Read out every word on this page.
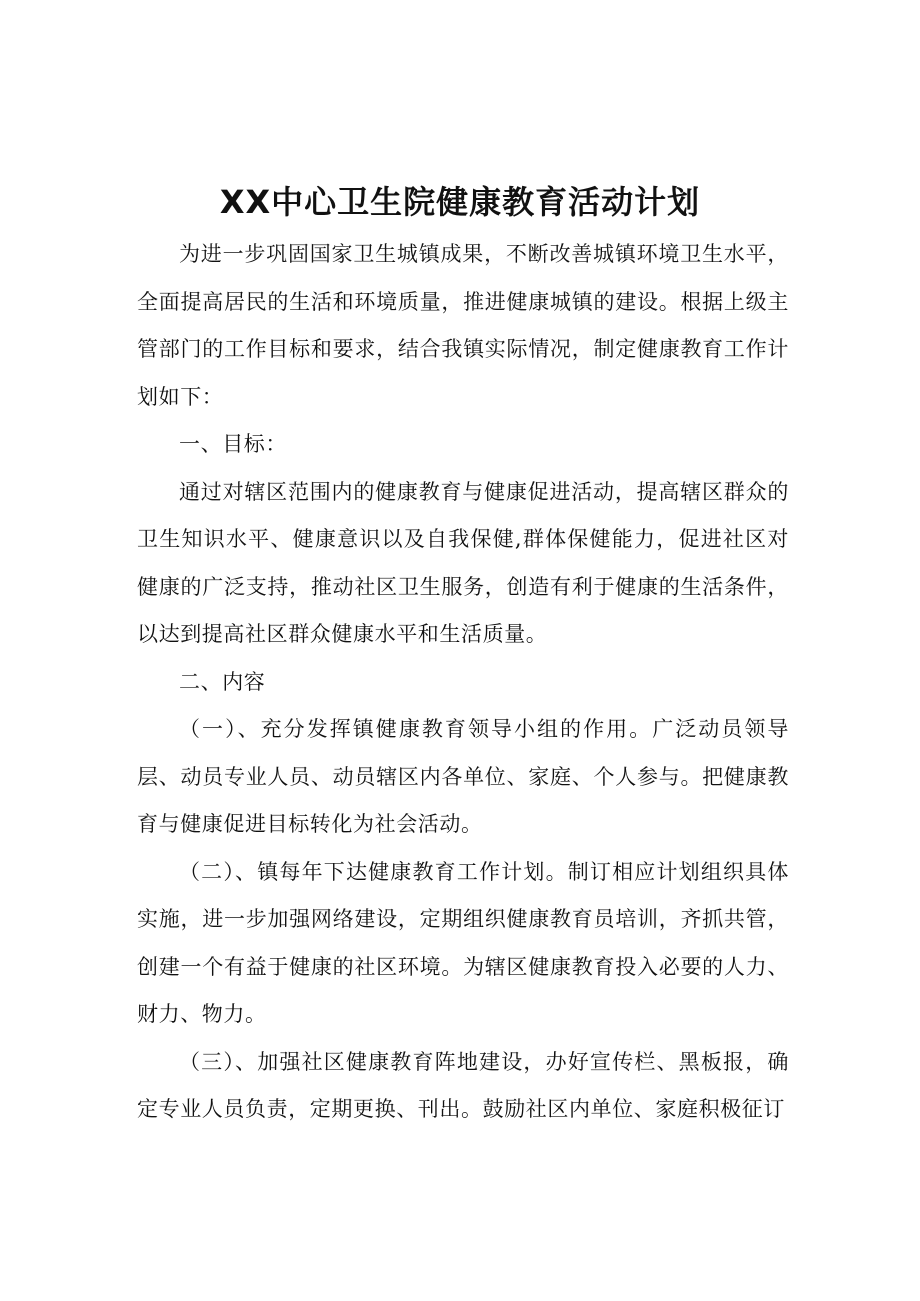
XX中心卫生院健康教育活动计划

为进一步巩固国家卫生城镇成果，不断改善城镇环境卫生水平，全面提高居民的生活和环境质量，推进健康城镇的建设。根据上级主管部门的工作目标和要求，结合我镇实际情况，制定健康教育工作计划如下：

一、目标：

通过对辖区范围内的健康教育与健康促进活动，提高辖区群众的卫生知识水平、健康意识以及自我保健,群体保健能力，促进社区对健康的广泛支持，推动社区卫生服务，创造有利于健康的生活条件，以达到提高社区群众健康水平和生活质量。

二、内容

（一）、充分发挥镇健康教育领导小组的作用。广泛动员领导层、动员专业人员、动员辖区内各单位、家庭、个人参与。把健康教育与健康促进目标转化为社会活动。

（二）、镇每年下达健康教育工作计划。制订相应计划组织具体实施，进一步加强网络建设，定期组织健康教育员培训，齐抓共管，创建一个有益于健康的社区环境。为辖区健康教育投入必要的人力、财力、物力。

（三）、加强社区健康教育阵地建设，办好宣传栏、黑板报，确定专业人员负责，定期更换、刊出。鼓励社区内单位、家庭积极征订
